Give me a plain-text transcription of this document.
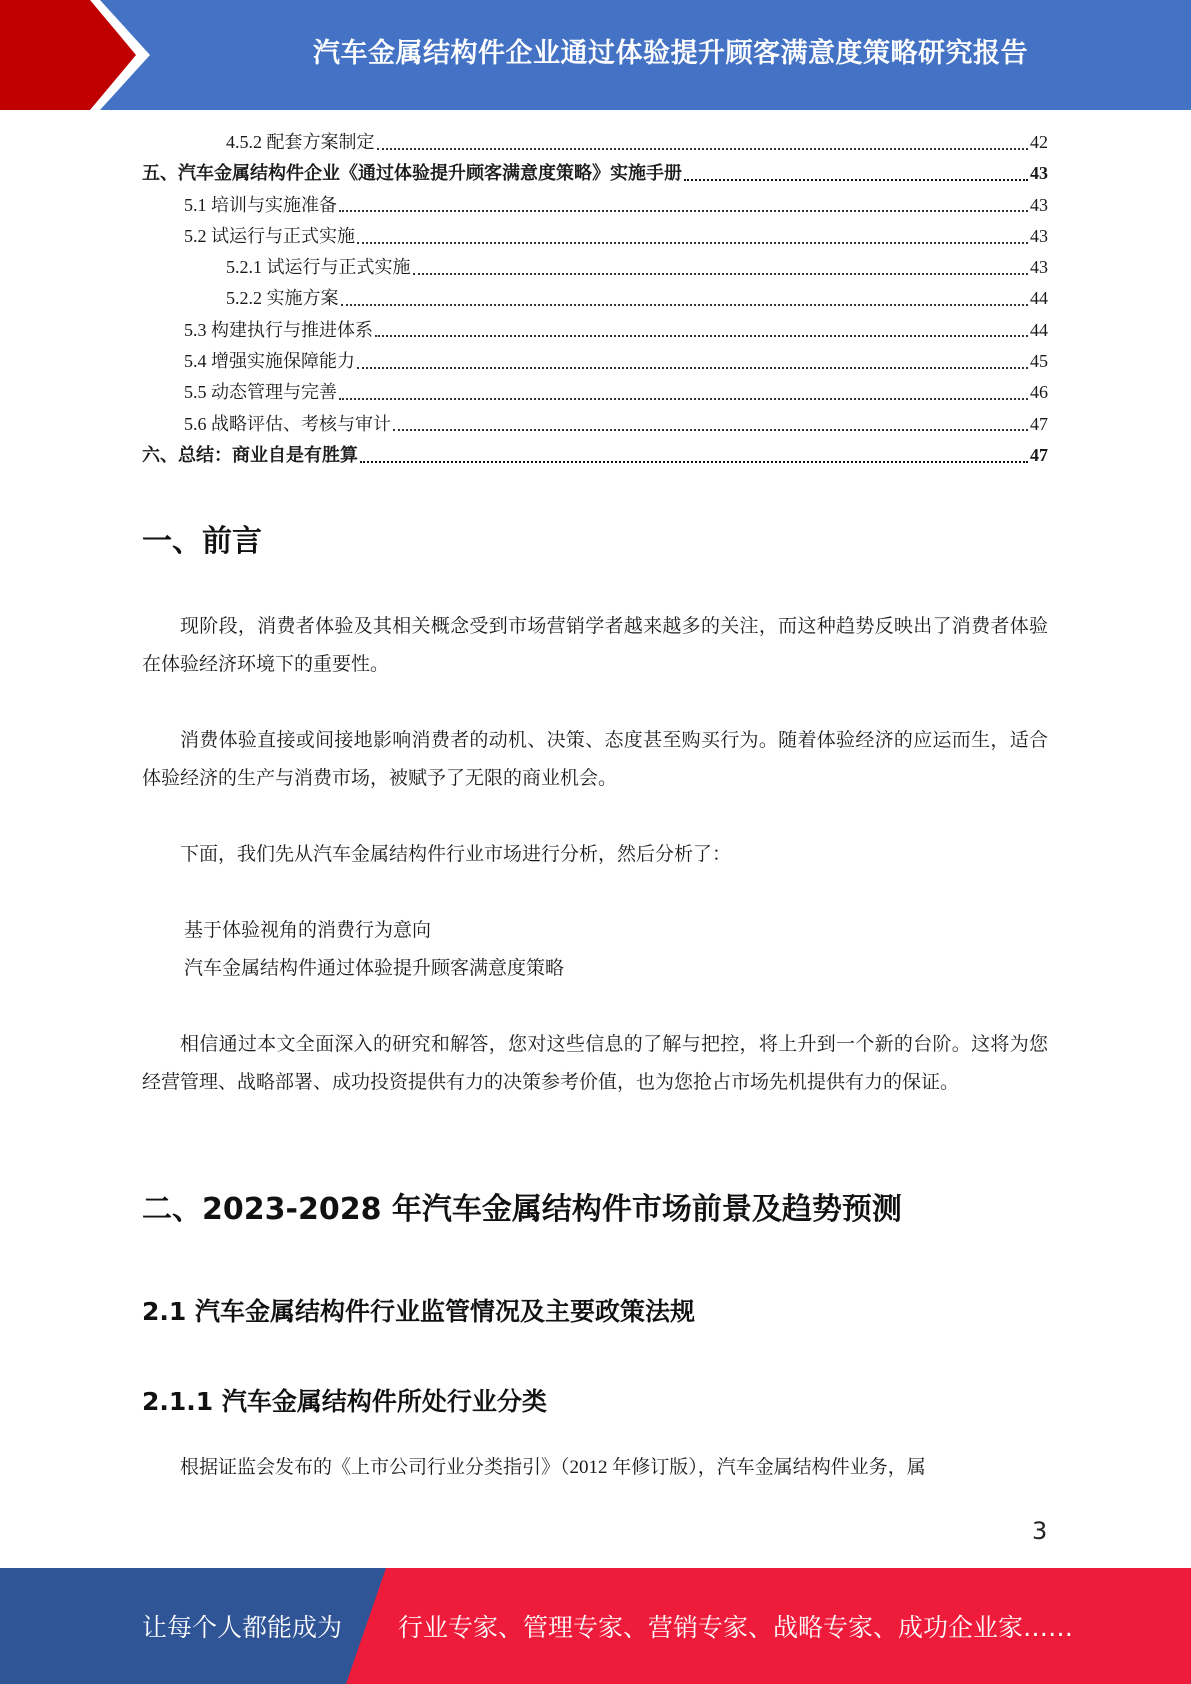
汽车金属结构件企业通过体验提升顾客满意度策略研究报告
4.5.2 配套方案制定	42
五、汽车金属结构件企业《通过体验提升顾客满意度策略》实施手册	43
5.1 培训与实施准备	43
5.2 试运行与正式实施	43
5.2.1 试运行与正式实施	43
5.2.2 实施方案	44
5.3 构建执行与推进体系	44
5.4 增强实施保障能力	45
5.5 动态管理与完善	46
5.6 战略评估、考核与审计	47
六、总结：商业自是有胜算	47
一、前言

现阶段，消费者体验及其相关概念受到市场营销学者越来越多的关注，而这种趋势反映出了消费者体验在体验经济环境下的重要性。

消费体验直接或间接地影响消费者的动机、决策、态度甚至购买行为。随着体验经济的应运而生，适合体验经济的生产与消费市场，被赋予了无限的商业机会。

下面，我们先从汽车金属结构件行业市场进行分析，然后分析了：

基于体验视角的消费行为意向

汽车金属结构件通过体验提升顾客满意度策略

相信通过本文全面深入的研究和解答，您对这些信息的了解与把控，将上升到一个新的台阶。这将为您经营管理、战略部署、成功投资提供有力的决策参考价值，也为您抢占市场先机提供有力的保证。

二、2023-2028 年汽车金属结构件市场前景及趋势预测
2.1 汽车金属结构件行业监管情况及主要政策法规
2.1.1 汽车金属结构件所处行业分类

根据证监会发布的《上市公司行业分类指引》（2012 年修订版），汽车金属结构件业务，属

3
让每个人都能成为 行业专家、管理专家、营销专家、战略专家、成功企业家……
